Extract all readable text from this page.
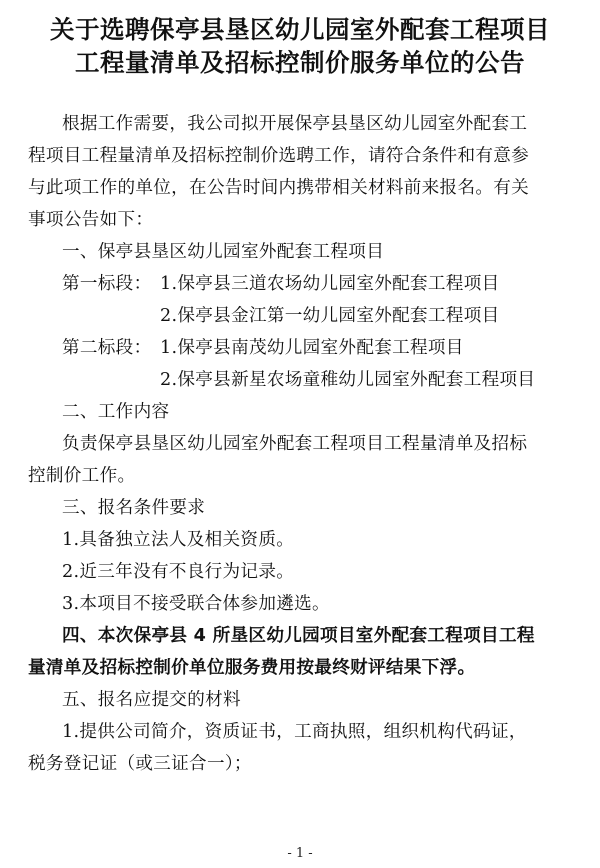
关于选聘保亭县垦区幼儿园室外配套工程项目
工程量清单及招标控制价服务单位的公告
根据工作需要，我公司拟开展保亭县垦区幼儿园室外配套工
程项目工程量清单及招标控制价选聘工作，请符合条件和有意参
与此项工作的单位，在公告时间内携带相关材料前来报名。有关
事项公告如下：
一、保亭县垦区幼儿园室外配套工程项目
第一标段： 1.保亭县三道农场幼儿园室外配套工程项目
2.保亭县金江第一幼儿园室外配套工程项目
第二标段： 1.保亭县南茂幼儿园室外配套工程项目
2.保亭县新星农场童稚幼儿园室外配套工程项目
二、工作内容
负责保亭县垦区幼儿园室外配套工程项目工程量清单及招标
控制价工作。
三、报名条件要求
1.具备独立法人及相关资质。
2.近三年没有不良行为记录。
3.本项目不接受联合体参加遴选。
四、本次保亭县 4 所垦区幼儿园项目室外配套工程项目工程
量清单及招标控制价单位服务费用按最终财评结果下浮。
五、报名应提交的材料
1.提供公司简介，资质证书，工商执照，组织机构代码证，
税务登记证（或三证合一）；
- 1 -
